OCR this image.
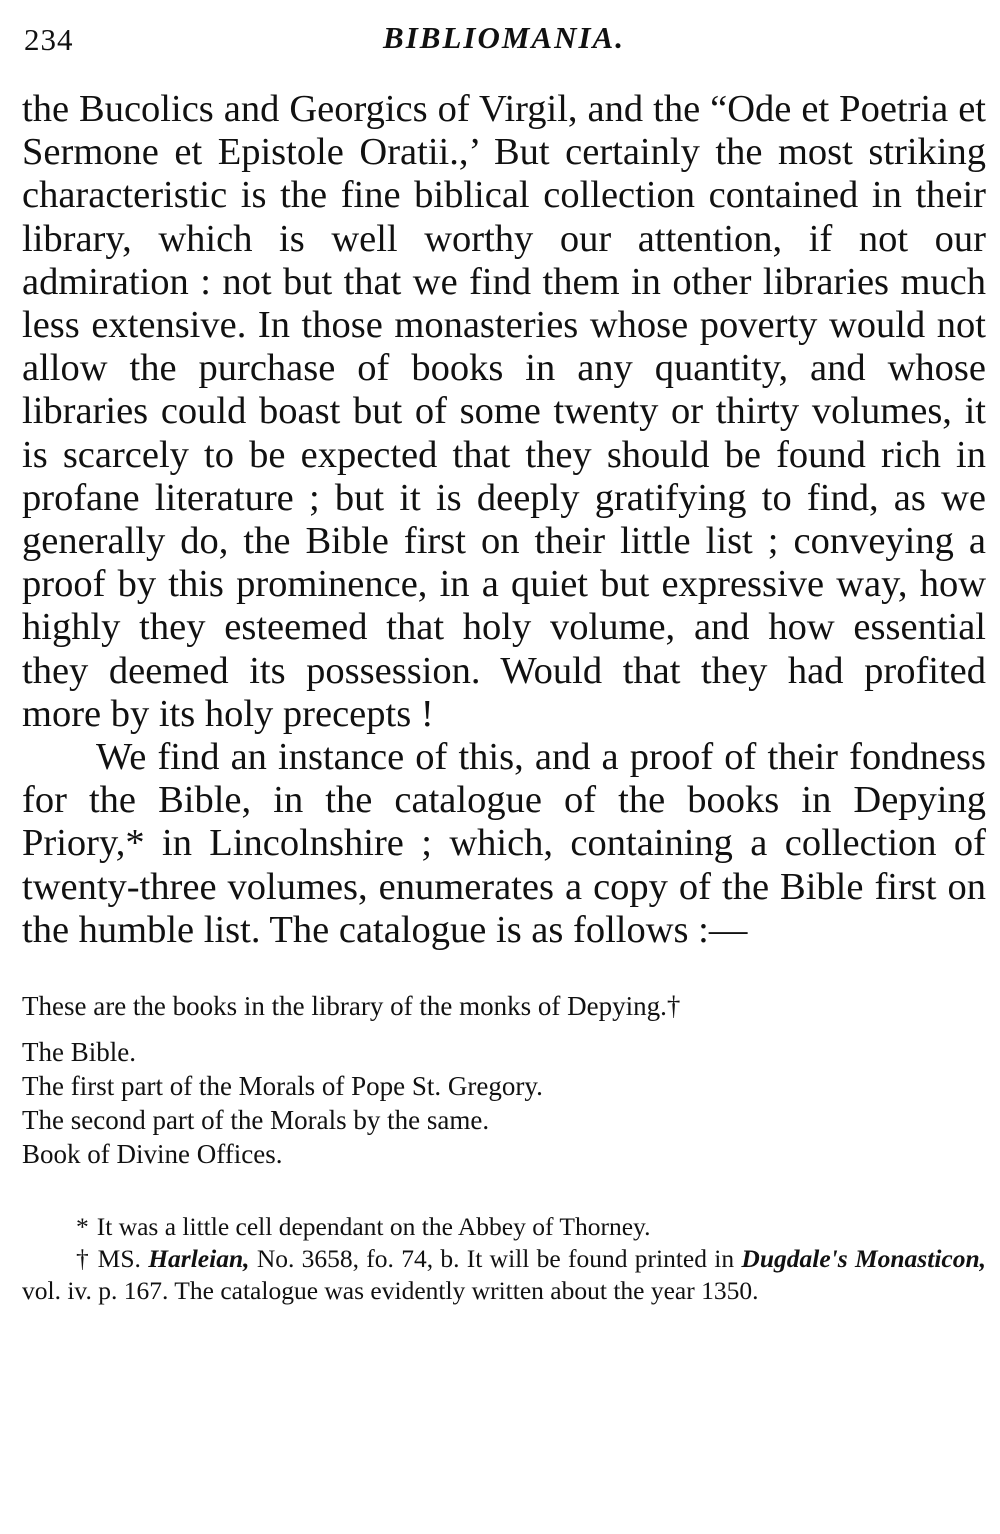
234	BIBLIOMANIA.

the Bucolics and Georgics of Virgil, and the “Ode et Poetria et Sermone et Epistole Oratii.,’ But certainly the most striking characteristic is the fine biblical collection contained in their library, which is well worthy our attention, if not our admiration : not but that we find them in other libraries much less extensive. In those monasteries whose poverty would not allow the purchase of books in any quantity, and whose libraries could boast but of some twenty or thirty volumes, it is scarcely to be expected that they should be found rich in profane literature ; but it is deeply gratifying to find, as we generally do, the Bible first on their little list ; conveying a proof by this prominence, in a quiet but expressive way, how highly they esteemed that holy volume, and how essential they deemed its possession. Would that they had profited more by its holy precepts !

We find an instance of this, and a proof of their fondness for the Bible, in the catalogue of the books in Depying Priory,* in Lincolnshire ; which, containing a collection of twenty-three volumes, enumerates a copy of the Bible first on the humble list. The catalogue is as follows :—

These are the books in the library of the monks of Depying.†

The Bible.
The first part of the Morals of Pope St. Gregory.
The second part of the Morals by the same.
Book of Divine Offices.

* It was a little cell dependant on the Abbey of Thorney.

† MS. Harleian, No. 3658, fo. 74, b. It will be found printed in Dugdale's Monasticon, vol. iv. p. 167. The catalogue was evidently written about the year 1350.
